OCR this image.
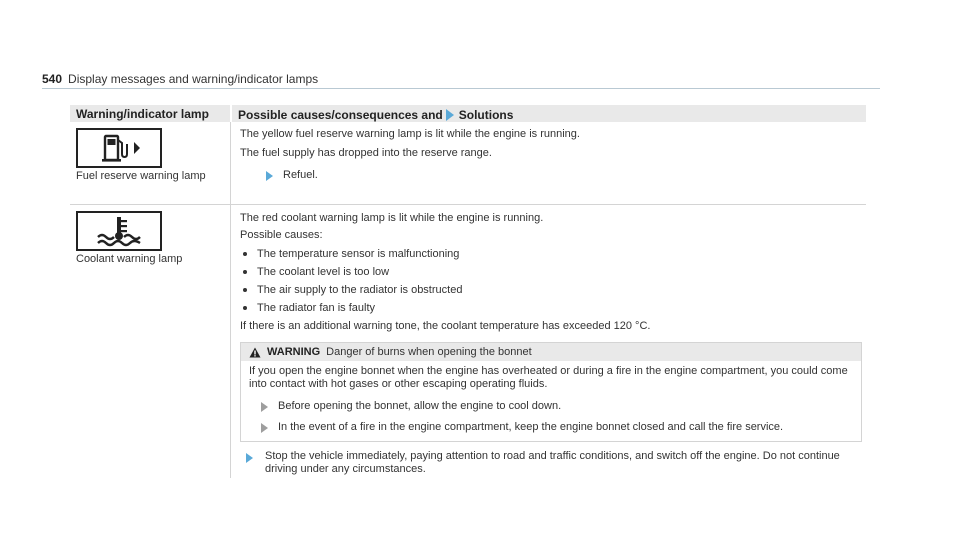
540 Display messages and warning/indicator lamps
Warning/indicator lamp	Possible causes/consequences and Solutions
Fuel reserve warning lamp

The yellow fuel reserve warning lamp is lit while the engine is running.

The fuel supply has dropped into the reserve range.

Refuel.
Coolant warning lamp

The red coolant warning lamp is lit while the engine is running.

Possible causes:

The temperature sensor is malfunctioning
The coolant level is too low
The air supply to the radiator is obstructed
The radiator fan is faulty

If there is an additional warning tone, the coolant temperature has exceeded 120 °C.

WARNING Danger of burns when opening the bonnet

If you open the engine bonnet when the engine has overheated or during a fire in the engine compartment, you could come into contact with hot gases or other escaping operating fluids.

Before opening the bonnet, allow the engine to cool down.
In the event of a fire in the engine compartment, keep the engine bonnet closed and call the fire service.

Stop the vehicle immediately, paying attention to road and traffic conditions, and switch off the engine. Do not continue driving under any circumstances.
